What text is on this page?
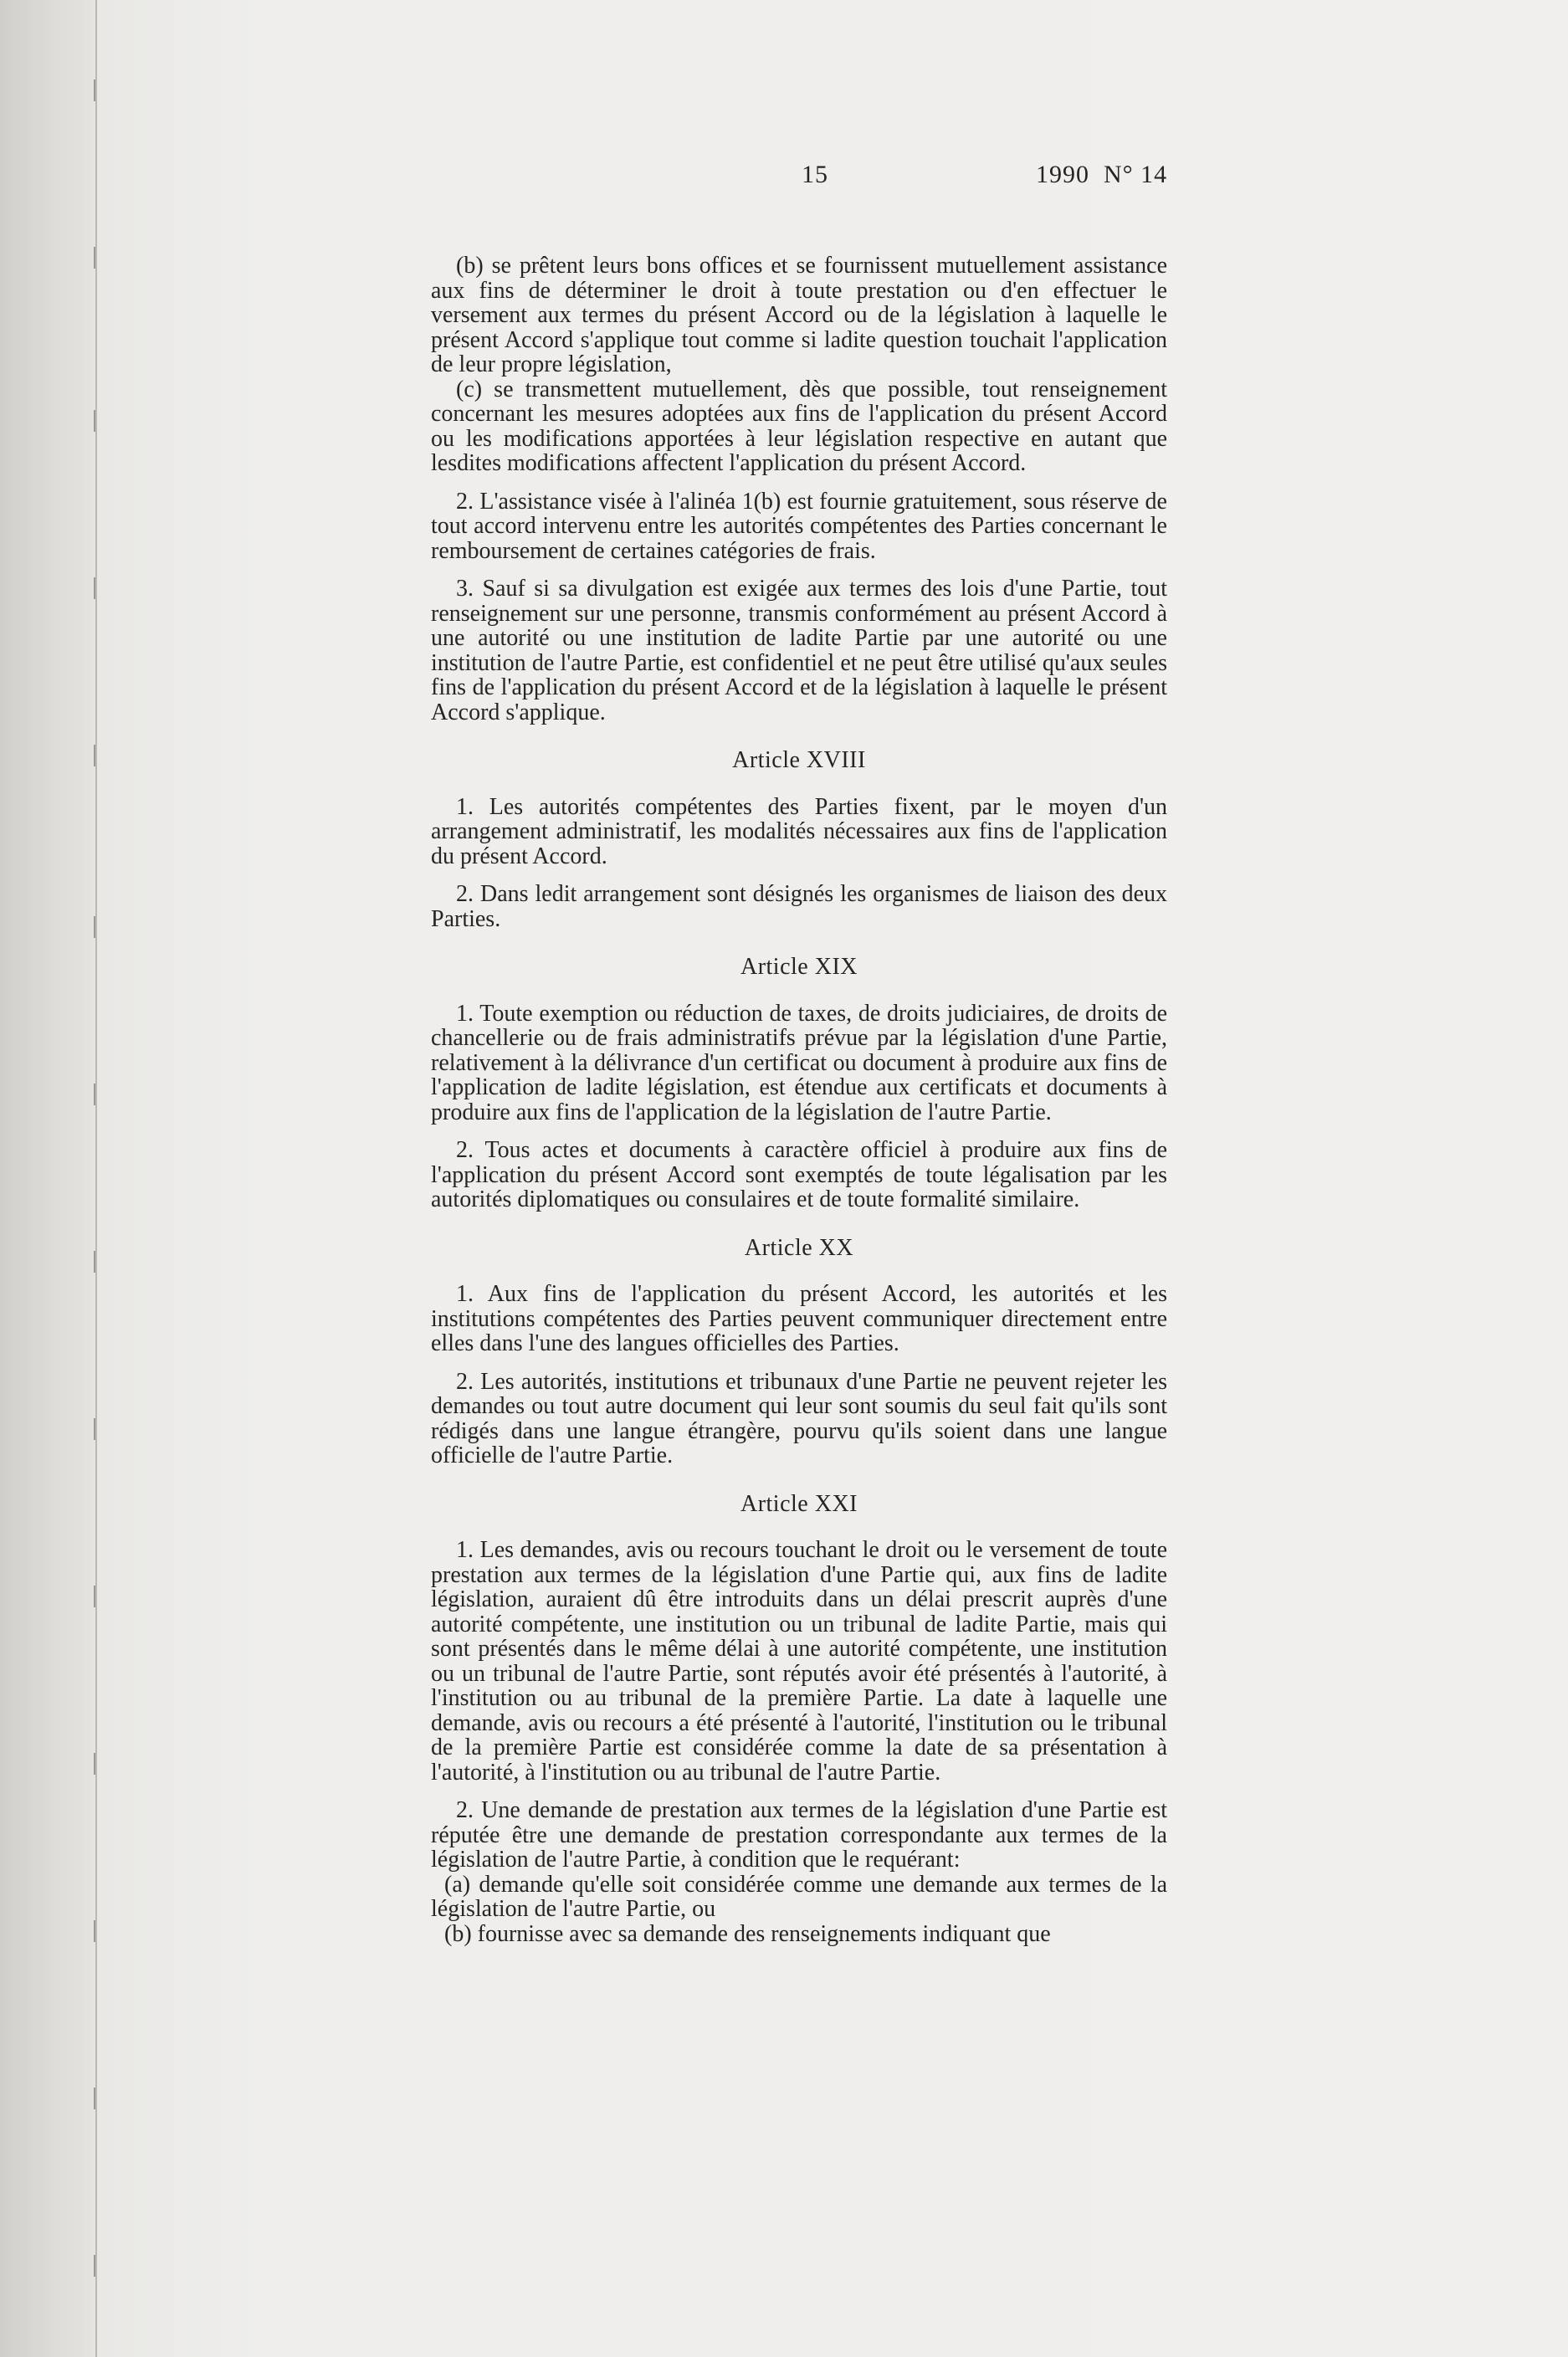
15	1990  N° 14

(b) se prêtent leurs bons offices et se fournissent mutuellement assistance aux fins de déterminer le droit à toute prestation ou d'en effectuer le versement aux termes du présent Accord ou de la législation à laquelle le présent Accord s'applique tout comme si ladite question touchait l'application de leur propre législation,

(c) se transmettent mutuellement, dès que possible, tout renseignement concernant les mesures adoptées aux fins de l'application du présent Accord ou les modifications apportées à leur législation respective en autant que lesdites modifications affectent l'application du présent Accord.

2. L'assistance visée à l'alinéa 1(b) est fournie gratuitement, sous réserve de tout accord intervenu entre les autorités compétentes des Parties concernant le remboursement de certaines catégories de frais.

3. Sauf si sa divulgation est exigée aux termes des lois d'une Partie, tout renseignement sur une personne, transmis conformément au présent Accord à une autorité ou une institution de ladite Partie par une autorité ou une institution de l'autre Partie, est confidentiel et ne peut être utilisé qu'aux seules fins de l'application du présent Accord et de la législation à laquelle le présent Accord s'applique.

Article XVIII

1. Les autorités compétentes des Parties fixent, par le moyen d'un arrangement administratif, les modalités nécessaires aux fins de l'application du présent Accord.

2. Dans ledit arrangement sont désignés les organismes de liaison des deux Parties.

Article XIX

1. Toute exemption ou réduction de taxes, de droits judiciaires, de droits de chancellerie ou de frais administratifs prévue par la législation d'une Partie, relativement à la délivrance d'un certificat ou document à produire aux fins de l'application de ladite législation, est étendue aux certificats et documents à produire aux fins de l'application de la législation de l'autre Partie.

2. Tous actes et documents à caractère officiel à produire aux fins de l'application du présent Accord sont exemptés de toute légalisation par les autorités diplomatiques ou consulaires et de toute formalité similaire.

Article XX

1. Aux fins de l'application du présent Accord, les autorités et les institutions compétentes des Parties peuvent communiquer directement entre elles dans l'une des langues officielles des Parties.

2. Les autorités, institutions et tribunaux d'une Partie ne peuvent rejeter les demandes ou tout autre document qui leur sont soumis du seul fait qu'ils sont rédigés dans une langue étrangère, pourvu qu'ils soient dans une langue officielle de l'autre Partie.

Article XXI

1. Les demandes, avis ou recours touchant le droit ou le versement de toute prestation aux termes de la législation d'une Partie qui, aux fins de ladite législation, auraient dû être introduits dans un délai prescrit auprès d'une autorité compétente, une institution ou un tribunal de ladite Partie, mais qui sont présentés dans le même délai à une autorité compétente, une institution ou un tribunal de l'autre Partie, sont réputés avoir été présentés à l'autorité, à l'institution ou au tribunal de la première Partie. La date à laquelle une demande, avis ou recours a été présenté à l'autorité, l'institution ou le tribunal de la première Partie est considérée comme la date de sa présentation à l'autorité, à l'institution ou au tribunal de l'autre Partie.

2. Une demande de prestation aux termes de la législation d'une Partie est réputée être une demande de prestation correspondante aux termes de la législation de l'autre Partie, à condition que le requérant:

(a) demande qu'elle soit considérée comme une demande aux termes de la législation de l'autre Partie, ou

(b) fournisse avec sa demande des renseignements indiquant que
